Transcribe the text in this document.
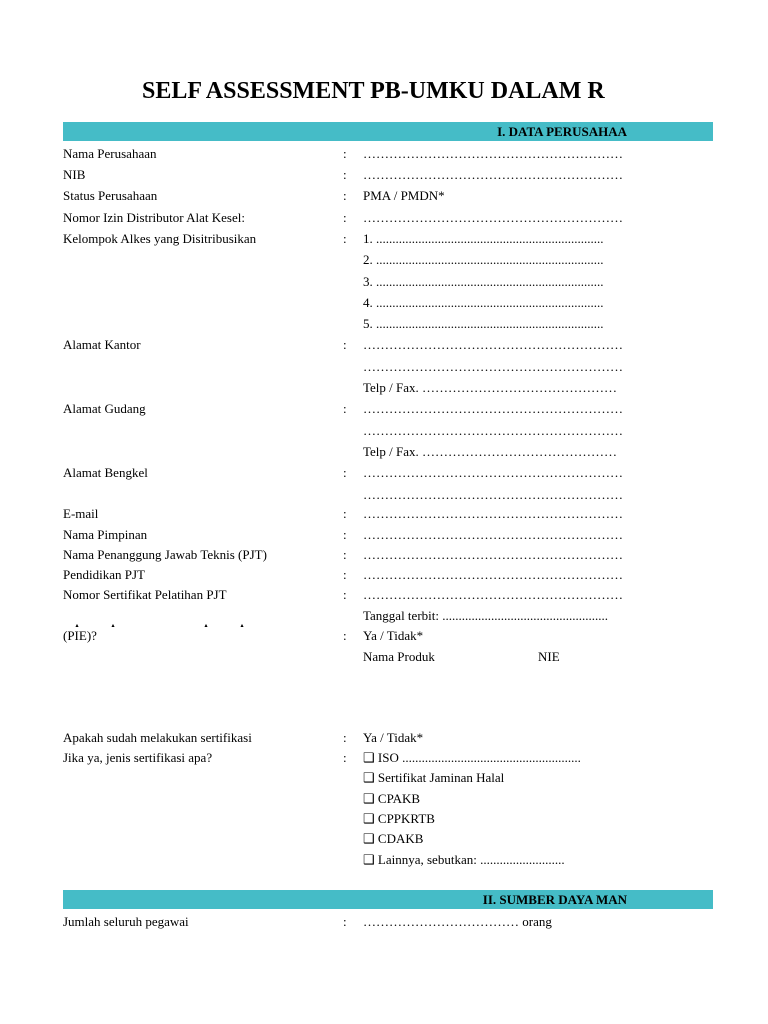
SELF ASSESSMENT PB-UMKU DALAM R
I. DATA PERUSAHAA
Nama Perusahaan	: ……………………………………………………
NIB	: ……………………………………………………
Status Perusahaan	: PMA / PMDN*
Nomor Izin Distributor Alat Kesel:	: ……………………………………………………
Kelompok Alkes yang Disitribusikan	: 1. ......................................................................
2. ......................................................................
3. ......................................................................
4. ......................................................................
5. ......................................................................
Alamat Kantor	: ……………………………………………………
……………………………………………………
Telp / Fax. ………………………………………
Alamat Gudang	: ……………………………………………………
……………………………………………………
Telp / Fax. ………………………………………
Alamat Bengkel	: ……………………………………………………
……………………………………………………
E-mail	: ……………………………………………………
Nama Pimpinan	: ……………………………………………………
Nama Penanggung Jawab Teknis (PJT)	: ……………………………………………………
Pendidikan PJT	: ……………………………………………………
Nomor Sertifikat Pelatihan PJT	: ……………………………………………………
Tanggal terbit: ...................................................
▴	▴	▴	▴
(PIE)?	: Ya / Tidak*
Nama Produk	NIE
Apakah sudah melakukan sertifikasi	: Ya / Tidak*
Jika ya, jenis sertifikasi apa?	: ❑ ISO .......................................................
❑ Sertifikat Jaminan Halal
❑ CPAKB
❑ CPPKRTB
❑ CDAKB
❑ Lainnya, sebutkan: ..........................
II. SUMBER DAYA MAN
Jumlah seluruh pegawai	: ……………………………… orang
